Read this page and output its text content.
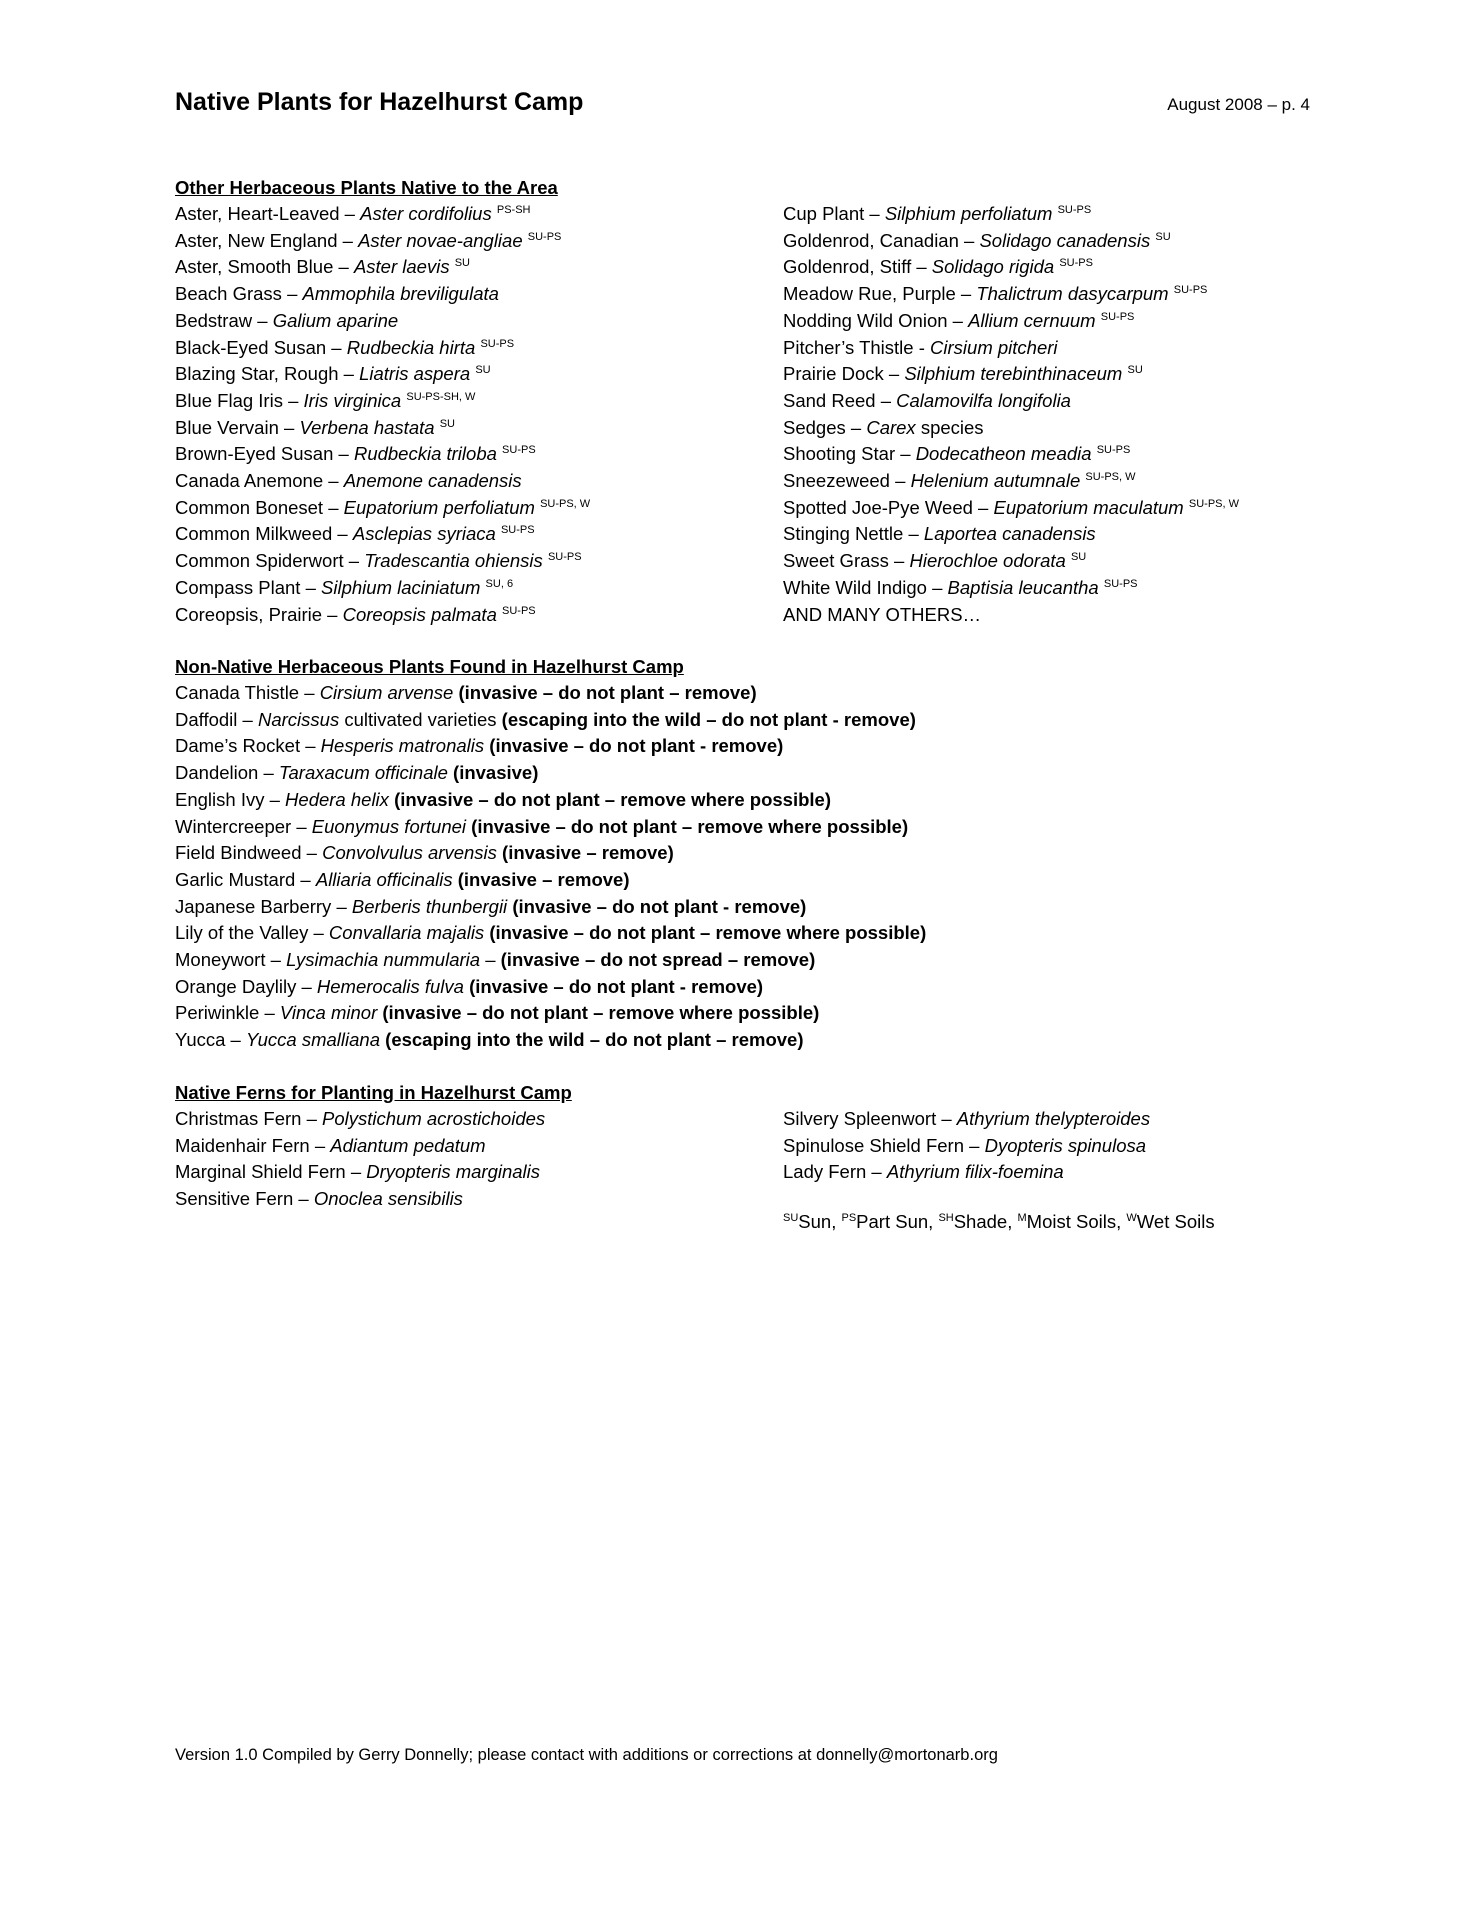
Native Plants for Hazelhurst Camp	August 2008 – p. 4
Other Herbaceous Plants Native to the Area
Aster, Heart-Leaved – Aster cordifolius $^{PS-SH}$
Aster, New England – Aster novae-angliae $^{SU-PS}$
Aster, Smooth Blue – Aster laevis $^{SU}$
Beach Grass – Ammophila breviligulata
Bedstraw – Galium aparine
Black-Eyed Susan – Rudbeckia hirta $^{SU-PS}$
Blazing Star, Rough – Liatris aspera $^{SU}$
Blue Flag Iris – Iris virginica $^{SU-PS-SH, W}$
Blue Vervain – Verbena hastata $^{SU}$
Brown-Eyed Susan – Rudbeckia triloba $^{SU-PS}$
Canada Anemone – Anemone canadensis
Common Boneset – Eupatorium perfoliatum $^{SU-PS, W}$
Common Milkweed – Asclepias syriaca $^{SU-PS}$
Common Spiderwort – Tradescantia ohiensis $^{SU-PS}$
Compass Plant – Silphium laciniatum $^{SU, 6}$
Coreopsis, Prairie – Coreopsis palmata $^{SU-PS}$
Cup Plant – Silphium perfoliatum $^{SU-PS}$
Goldenrod, Canadian – Solidago canadensis $^{SU}$
Goldenrod, Stiff – Solidago rigida $^{SU-PS}$
Meadow Rue, Purple – Thalictrum dasycarpum $^{SU-PS}$
Nodding Wild Onion – Allium cernuum $^{SU-PS}$
Pitcher’s Thistle - Cirsium pitcheri
Prairie Dock – Silphium terebinthinaceum $^{SU}$
Sand Reed – Calamovilfa longifolia
Sedges – Carex species
Shooting Star – Dodecatheon meadia $^{SU-PS}$
Sneezeweed – Helenium autumnale $^{SU-PS, W}$
Spotted Joe-Pye Weed – Eupatorium maculatum $^{SU-PS, W}$
Stinging Nettle – Laportea canadensis
Sweet Grass – Hierochloe odorata $^{SU}$
White Wild Indigo – Baptisia leucantha $^{SU-PS}$
AND MANY OTHERS…
Non-Native Herbaceous Plants Found in Hazelhurst Camp
Canada Thistle – Cirsium arvense (invasive – do not plant – remove)
Daffodil – Narcissus cultivated varieties (escaping into the wild – do not plant - remove)
Dame’s Rocket – Hesperis matronalis (invasive – do not plant - remove)
Dandelion – Taraxacum officinale (invasive)
English Ivy – Hedera helix (invasive – do not plant – remove where possible)
Wintercreeper – Euonymus fortunei (invasive – do not plant – remove where possible)
Field Bindweed – Convolvulus arvensis (invasive – remove)
Garlic Mustard – Alliaria officinalis (invasive – remove)
Japanese Barberry – Berberis thunbergii (invasive – do not plant - remove)
Lily of the Valley – Convallaria majalis (invasive – do not plant – remove where possible)
Moneywort – Lysimachia nummularia – (invasive – do not spread – remove)
Orange Daylily – Hemerocalis fulva (invasive – do not plant - remove)
Periwinkle – Vinca minor (invasive – do not plant – remove where possible)
Yucca – Yucca smalliana (escaping into the wild – do not plant – remove)
Native Ferns for Planting in Hazelhurst Camp
Christmas Fern – Polystichum acrostichoides
Maidenhair Fern – Adiantum pedatum
Marginal Shield Fern – Dryopteris marginalis
Sensitive Fern – Onoclea sensibilis
Silvery Spleenwort – Athyrium thelypteroides
Spinulose Shield Fern – Dyopteris spinulosa
Lady Fern – Athyrium filix-foemina
$^{SU}$Sun, $^{PS}$Part Sun, $^{SH}$Shade, $^M$Moist Soils, $^W$Wet Soils
Version 1.0 Compiled by Gerry Donnelly; please contact with additions or corrections at donnelly@mortonarb.org
